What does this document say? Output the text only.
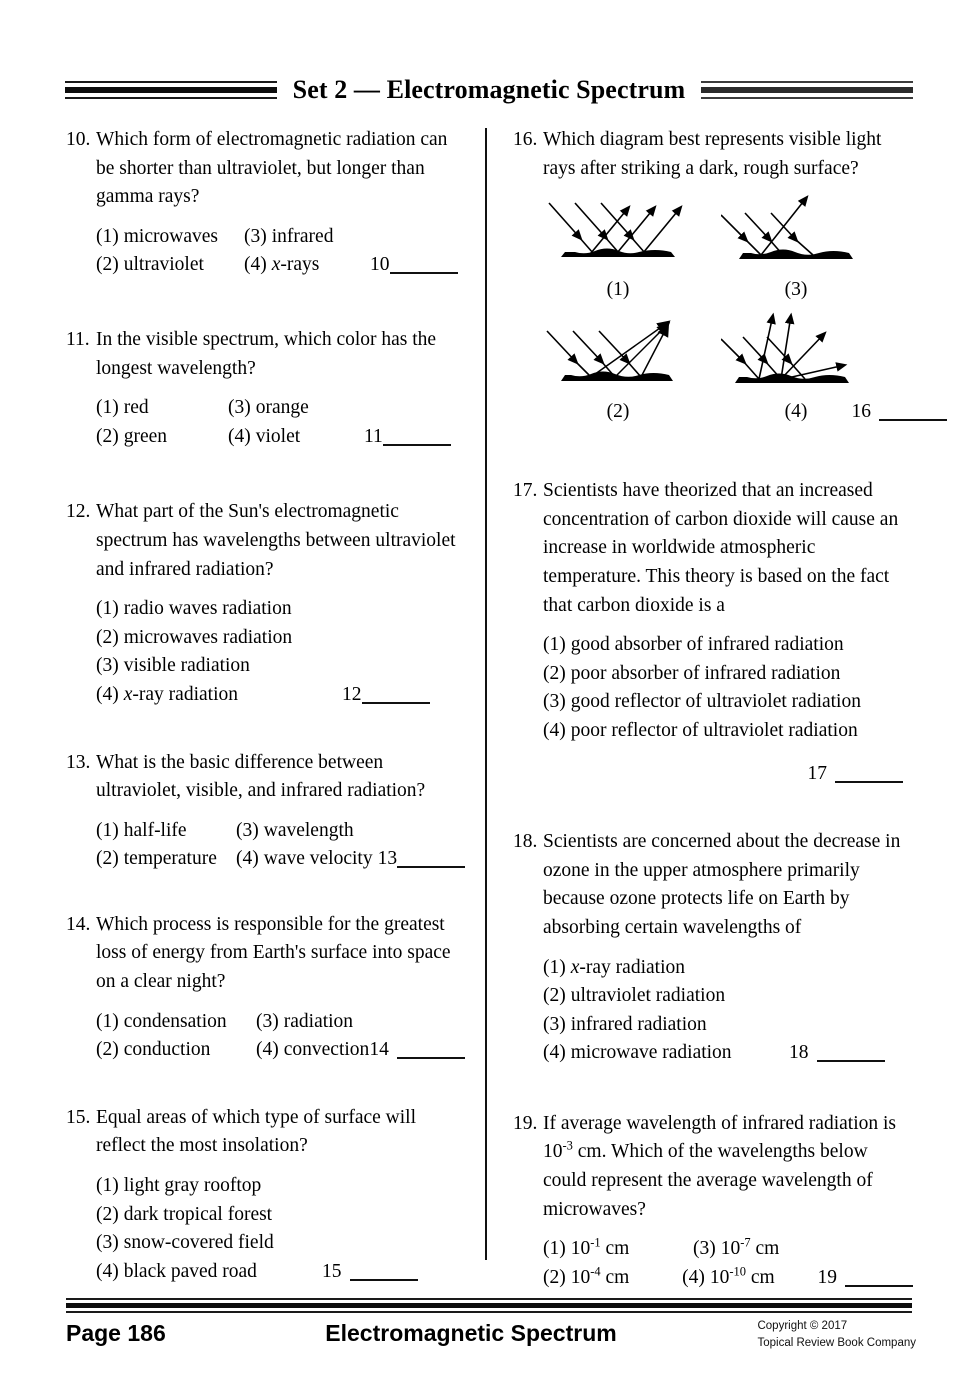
Set 2 — Electromagnetic Spectrum
10. Which form of electromagnetic radiation can be shorter than ultraviolet, but longer than gamma rays?
(1) microwaves	(3) infrared
(2) ultraviolet	(4) x-rays	10
11. In the visible spectrum, which color has the longest wavelength?
(1) red	(3) orange
(2) green	(4) violet	11
12. What part of the Sun's electromagnetic spectrum has wavelengths between ultraviolet and infrared radiation?
(1) radio waves radiation
(2) microwaves radiation
(3) visible radiation
(4) x-ray radiation	12
13. What is the basic difference between ultraviolet, visible, and infrared radiation?
(1) half-life	(3) wavelength
(2) temperature (4) wave velocity 13
14. Which process is responsible for the greatest loss of energy from Earth's surface into space on a clear night?
(1) condensation	(3) radiation
(2) conduction	(4) convection 14
15. Equal areas of which type of surface will reflect the most insolation?
(1) light gray rooftop
(2) dark tropical forest
(3) snow-covered field
(4) black paved road	15
16. Which diagram best represents visible light rays after striking a dark, rough surface?
(1)	(3)
(2)	(4)	16
17. Scientists have theorized that an increased concentration of carbon dioxide will cause an increase in worldwide atmospheric temperature. This theory is based on the fact that carbon dioxide is a
(1) good absorber of infrared radiation
(2) poor absorber of infrared radiation
(3) good reflector of ultraviolet radiation
(4) poor reflector of ultraviolet radiation
17
18. Scientists are concerned about the decrease in ozone in the upper atmosphere primarily because ozone protects life on Earth by absorbing certain wavelengths of
(1) x-ray radiation
(2) ultraviolet radiation
(3) infrared radiation
(4) microwave radiation	18
19. If average wavelength of infrared radiation is $10^{-3}$ cm. Which of the wavelengths below could represent the average wavelength of microwaves?
(1) $10^{-1}$ cm	(3) $10^{-7}$ cm
(2) $10^{-4}$ cm	(4) $10^{-10}$ cm	19
Page 186	Electromagnetic Spectrum	Copyright © 2017
Topical Review Book Company
